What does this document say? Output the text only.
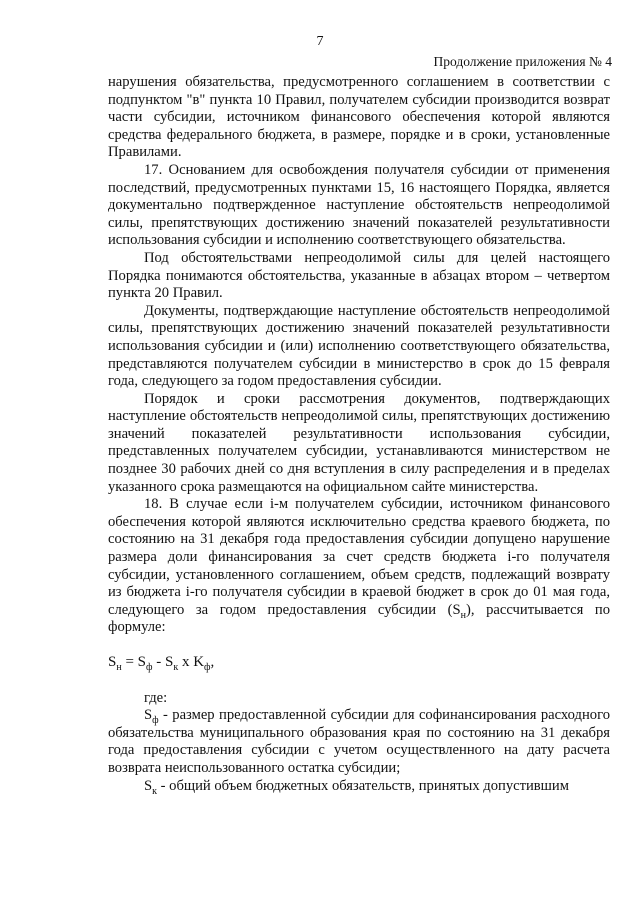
7
Продолжение приложения № 4

нарушения обязательства, предусмотренного соглашением в соответствии с подпунктом "в" пункта 10 Правил, получателем субсидии производится возврат части субсидии, источником финансового обеспечения которой являются средства федерального бюджета, в размере, порядке и в сроки, установленные Правилами.

17. Основанием для освобождения получателя субсидии от применения последствий, предусмотренных пунктами 15, 16 настоящего Порядка, является документально подтвержденное наступление обстоятельств непреодолимой силы, препятствующих достижению значений показателей результативности использования субсидии и исполнению соответствующего обязательства.

Под обстоятельствами непреодолимой силы для целей настоящего Порядка понимаются обстоятельства, указанные в абзацах втором – четвертом пункта 20 Правил.

Документы, подтверждающие наступление обстоятельств непреодолимой силы, препятствующих достижению значений показателей результативности использования субсидии и (или) исполнению соответствующего обязательства, представляются получателем субсидии в министерство в срок до 15 февраля года, следующего за годом предоставления субсидии.

Порядок и сроки рассмотрения документов, подтверждающих наступление обстоятельств непреодолимой силы, препятствующих достижению значений показателей результативности использования субсидии, представленных получателем субсидии, устанавливаются министерством не позднее 30 рабочих дней со дня вступления в силу распределения и в пределах указанного срока размещаются на официальном сайте министерства.

18. В случае если i-м получателем субсидии, источником финансового обеспечения которой являются исключительно средства краевого бюджета, по состоянию на 31 декабря года предоставления субсидии допущено нарушение размера доли финансирования за счет средств бюджета i-го получателя субсидии, установленного соглашением, объем средств, подлежащий возврату из бюджета i-го получателя субсидии в краевой бюджет в срок до 01 мая года, следующего за годом предоставления субсидии $(S_н)$, рассчитывается по формуле:

$S_н = S_ф - S_к$ x $K_ф$,

где:

$S_ф$ - размер предоставленной субсидии для софинансирования расходного обязательства муниципального образования края по состоянию на 31 декабря года предоставления субсидии с учетом осуществленного на дату расчета возврата неиспользованного остатка субсидии;

$S_к$ - общий объем бюджетных обязательств, принятых допустившим
